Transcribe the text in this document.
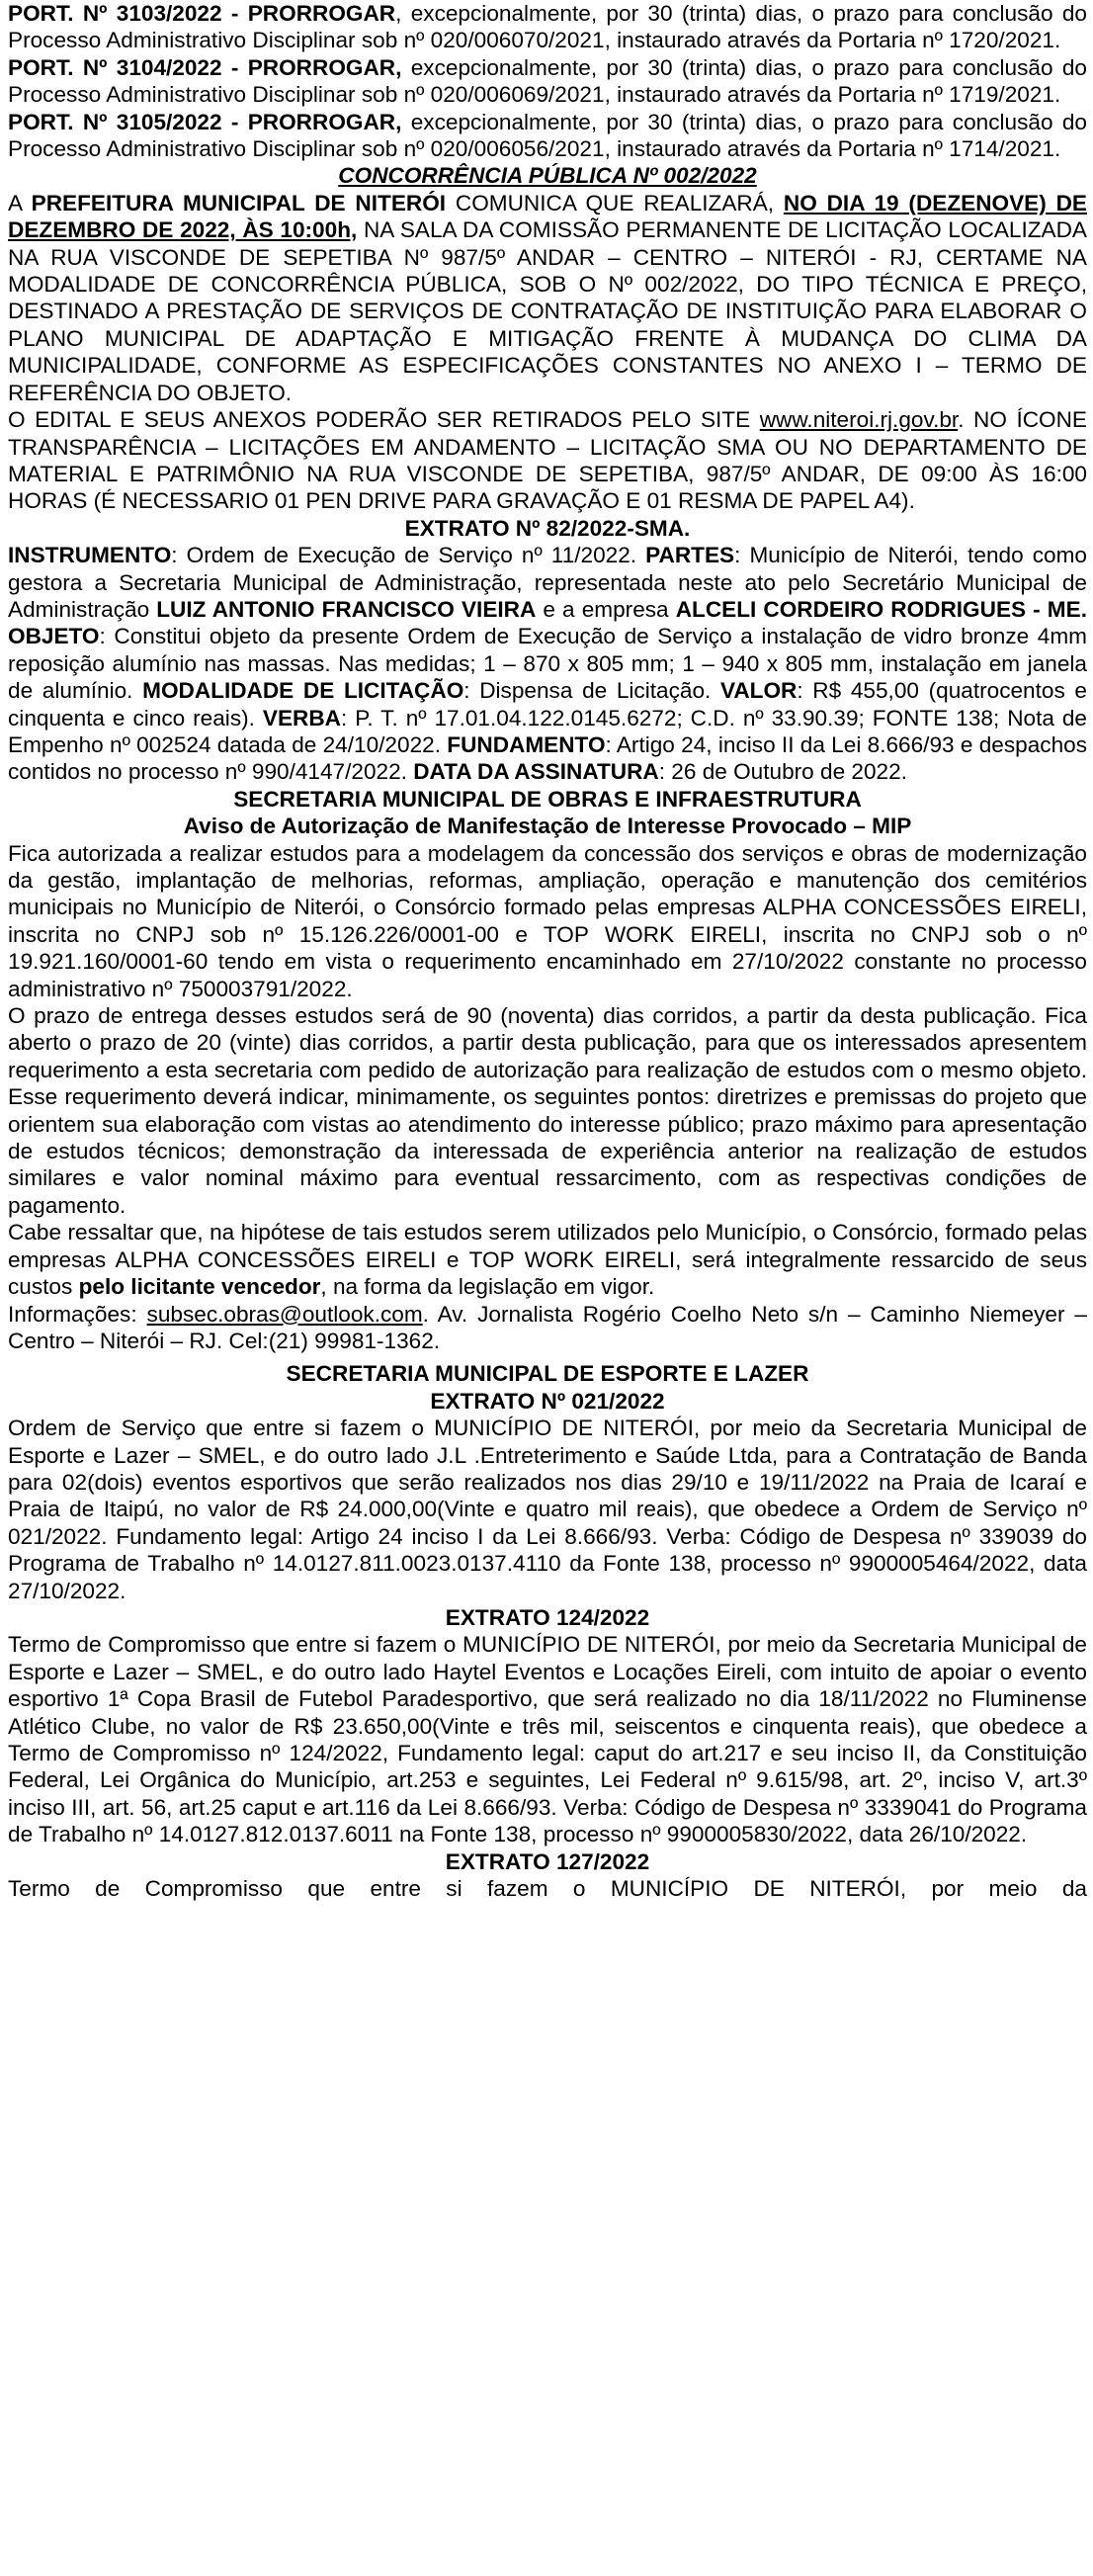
PORT. Nº 3103/2022 - PRORROGAR, excepcionalmente, por 30 (trinta) dias, o prazo para conclusão do Processo Administrativo Disciplinar sob nº 020/006070/2021, instaurado através da Portaria nº 1720/2021.

PORT. Nº 3104/2022 - PRORROGAR, excepcionalmente, por 30 (trinta) dias, o prazo para conclusão do Processo Administrativo Disciplinar sob nº 020/006069/2021, instaurado através da Portaria nº 1719/2021.

PORT. Nº 3105/2022 - PRORROGAR, excepcionalmente, por 30 (trinta) dias, o prazo para conclusão do Processo Administrativo Disciplinar sob nº 020/006056/2021, instaurado através da Portaria nº 1714/2021.

CONCORRÊNCIA PÚBLICA Nº 002/2022

A PREFEITURA MUNICIPAL DE NITERÓI COMUNICA QUE REALIZARÁ, NO DIA 19 (DEZENOVE) DE DEZEMBRO DE 2022, ÀS 10:00h, NA SALA DA COMISSÃO PERMANENTE DE LICITAÇÃO LOCALIZADA NA RUA VISCONDE DE SEPETIBA Nº 987/5º ANDAR – CENTRO – NITERÓI - RJ, CERTAME NA MODALIDADE DE CONCORRÊNCIA PÚBLICA, SOB O Nº 002/2022, DO TIPO TÉCNICA E PREÇO, DESTINADO A PRESTAÇÃO DE SERVIÇOS DE CONTRATAÇÃO DE INSTITUIÇÃO PARA ELABORAR O PLANO MUNICIPAL DE ADAPTAÇÃO E MITIGAÇÃO FRENTE À MUDANÇA DO CLIMA DA MUNICIPALIDADE, CONFORME AS ESPECIFICAÇÕES CONSTANTES NO ANEXO I – TERMO DE REFERÊNCIA DO OBJETO.

O EDITAL E SEUS ANEXOS PODERÃO SER RETIRADOS PELO SITE www.niteroi.rj.gov.br. NO ÍCONE TRANSPARÊNCIA – LICITAÇÕES EM ANDAMENTO – LICITAÇÃO SMA OU NO DEPARTAMENTO DE MATERIAL E PATRIMÔNIO NA RUA VISCONDE DE SEPETIBA, 987/5º ANDAR, DE 09:00 ÀS 16:00 HORAS (É NECESSARIO 01 PEN DRIVE PARA GRAVAÇÃO E 01 RESMA DE PAPEL A4).

EXTRATO Nº 82/2022-SMA.

INSTRUMENTO: Ordem de Execução de Serviço nº 11/2022. PARTES: Município de Niterói, tendo como gestora a Secretaria Municipal de Administração, representada neste ato pelo Secretário Municipal de Administração LUIZ ANTONIO FRANCISCO VIEIRA e a empresa ALCELI CORDEIRO RODRIGUES - ME. OBJETO: Constitui objeto da presente Ordem de Execução de Serviço a instalação de vidro bronze 4mm reposição alumínio nas massas. Nas medidas; 1 – 870 x 805 mm; 1 – 940 x 805 mm, instalação em janela de alumínio. MODALIDADE DE LICITAÇÃO: Dispensa de Licitação. VALOR: R$ 455,00 (quatrocentos e cinquenta e cinco reais). VERBA: P. T. nº 17.01.04.122.0145.6272; C.D. nº 33.90.39; FONTE 138; Nota de Empenho nº 002524 datada de 24/10/2022. FUNDAMENTO: Artigo 24, inciso II da Lei 8.666/93 e despachos contidos no processo nº 990/4147/2022. DATA DA ASSINATURA: 26 de Outubro de 2022.

SECRETARIA MUNICIPAL DE OBRAS E INFRAESTRUTURA

Aviso de Autorização de Manifestação de Interesse Provocado – MIP

Fica autorizada a realizar estudos para a modelagem da concessão dos serviços e obras de modernização da gestão, implantação de melhorias, reformas, ampliação, operação e manutenção dos cemitérios municipais no Município de Niterói, o Consórcio formado pelas empresas ALPHA CONCESSÕES EIRELI, inscrita no CNPJ sob nº 15.126.226/0001-00 e TOP WORK EIRELI, inscrita no CNPJ sob o nº 19.921.160/0001-60 tendo em vista o requerimento encaminhado em 27/10/2022 constante no processo administrativo nº 750003791/2022.

O prazo de entrega desses estudos será de 90 (noventa) dias corridos, a partir da desta publicação. Fica aberto o prazo de 20 (vinte) dias corridos, a partir desta publicação, para que os interessados apresentem requerimento a esta secretaria com pedido de autorização para realização de estudos com o mesmo objeto. Esse requerimento deverá indicar, minimamente, os seguintes pontos: diretrizes e premissas do projeto que orientem sua elaboração com vistas ao atendimento do interesse público; prazo máximo para apresentação de estudos técnicos; demonstração da interessada de experiência anterior na realização de estudos similares e valor nominal máximo para eventual ressarcimento, com as respectivas condições de pagamento.

Cabe ressaltar que, na hipótese de tais estudos serem utilizados pelo Município, o Consórcio, formado pelas empresas ALPHA CONCESSÕES EIRELI e TOP WORK EIRELI, será integralmente ressarcido de seus custos pelo licitante vencedor, na forma da legislação em vigor.

Informações: subsec.obras@outlook.com. Av. Jornalista Rogério Coelho Neto s/n – Caminho Niemeyer – Centro – Niterói – RJ. Cel:(21) 99981-1362.

SECRETARIA MUNICIPAL DE ESPORTE E LAZER

EXTRATO Nº 021/2022

Ordem de Serviço que entre si fazem o MUNICÍPIO DE NITERÓI, por meio da Secretaria Municipal de Esporte e Lazer – SMEL, e do outro lado J.L .Entreterimento e Saúde Ltda, para a Contratação de Banda para 02(dois) eventos esportivos que serão realizados nos dias 29/10 e 19/11/2022 na Praia de Icaraí e Praia de Itaipú, no valor de R$ 24.000,00(Vinte e quatro mil reais), que obedece a Ordem de Serviço nº 021/2022. Fundamento legal: Artigo 24 inciso I da Lei 8.666/93. Verba: Código de Despesa nº 339039 do Programa de Trabalho nº 14.0127.811.0023.0137.4110 da Fonte 138, processo nº 9900005464/2022, data 27/10/2022.

EXTRATO 124/2022

Termo de Compromisso que entre si fazem o MUNICÍPIO DE NITERÓI, por meio da Secretaria Municipal de Esporte e Lazer – SMEL, e do outro lado Haytel Eventos e Locações Eireli, com intuito de apoiar o evento esportivo 1ª Copa Brasil de Futebol Paradesportivo, que será realizado no dia 18/11/2022 no Fluminense Atlético Clube, no valor de R$ 23.650,00(Vinte e três mil, seiscentos e cinquenta reais), que obedece a Termo de Compromisso nº 124/2022, Fundamento legal: caput do art.217 e seu inciso II, da Constituição Federal, Lei Orgânica do Município, art.253 e seguintes, Lei Federal nº 9.615/98, art. 2º, inciso V, art.3º inciso III, art. 56, art.25 caput e art.116 da Lei 8.666/93. Verba: Código de Despesa nº 3339041 do Programa de Trabalho nº 14.0127.812.0137.6011 na Fonte 138, processo nº 9900005830/2022, data 26/10/2022.

EXTRATO 127/2022

Termo de Compromisso que entre si fazem o MUNICÍPIO DE NITERÓI, por meio da
